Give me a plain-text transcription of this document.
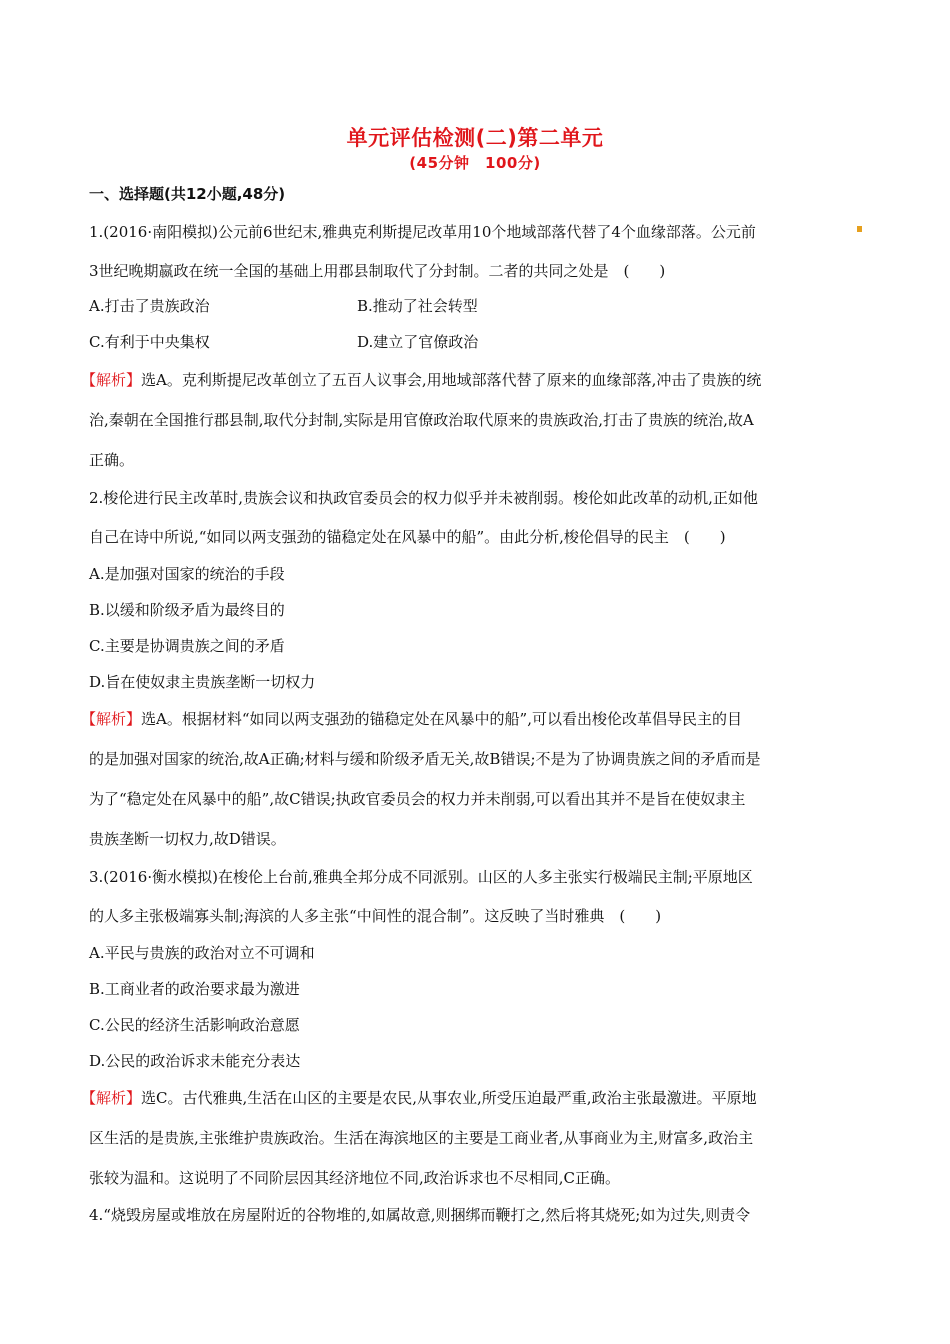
单元评估检测(二)第二单元
(45分钟　100分)
一、选择题(共12小题,48分)
1.(2016·南阳模拟)公元前6世纪末,雅典克利斯提尼改革用10个地域部落代替了4个血缘部落。公元前
3世纪晚期嬴政在统一全国的基础上用郡县制取代了分封制。二者的共同之处是　(　　)
A.打击了贵族政治	B.推动了社会转型
C.有利于中央集权	D.建立了官僚政治
【解析】选A。克利斯提尼改革创立了五百人议事会,用地域部落代替了原来的血缘部落,冲击了贵族的统
治,秦朝在全国推行郡县制,取代分封制,实际是用官僚政治取代原来的贵族政治,打击了贵族的统治,故A
正确。
2.梭伦进行民主改革时,贵族会议和执政官委员会的权力似乎并未被削弱。梭伦如此改革的动机,正如他
自己在诗中所说,“如同以两支强劲的锚稳定处在风暴中的船”。由此分析,梭伦倡导的民主　(　　)
A.是加强对国家的统治的手段
B.以缓和阶级矛盾为最终目的
C.主要是协调贵族之间的矛盾
D.旨在使奴隶主贵族垄断一切权力
【解析】选A。根据材料“如同以两支强劲的锚稳定处在风暴中的船”,可以看出梭伦改革倡导民主的目
的是加强对国家的统治,故A正确;材料与缓和阶级矛盾无关,故B错误;不是为了协调贵族之间的矛盾而是
为了“稳定处在风暴中的船”,故C错误;执政官委员会的权力并未削弱,可以看出其并不是旨在使奴隶主
贵族垄断一切权力,故D错误。
3.(2016·衡水模拟)在梭伦上台前,雅典全邦分成不同派别。山区的人多主张实行极端民主制;平原地区
的人多主张极端寡头制;海滨的人多主张“中间性的混合制”。这反映了当时雅典　(　　)
A.平民与贵族的政治对立不可调和
B.工商业者的政治要求最为激进
C.公民的经济生活影响政治意愿
D.公民的政治诉求未能充分表达
【解析】选C。古代雅典,生活在山区的主要是农民,从事农业,所受压迫最严重,政治主张最激进。平原地
区生活的是贵族,主张维护贵族政治。生活在海滨地区的主要是工商业者,从事商业为主,财富多,政治主
张较为温和。这说明了不同阶层因其经济地位不同,政治诉求也不尽相同,C正确。
4.“烧毁房屋或堆放在房屋附近的谷物堆的,如属故意,则捆绑而鞭打之,然后将其烧死;如为过失,则责令
